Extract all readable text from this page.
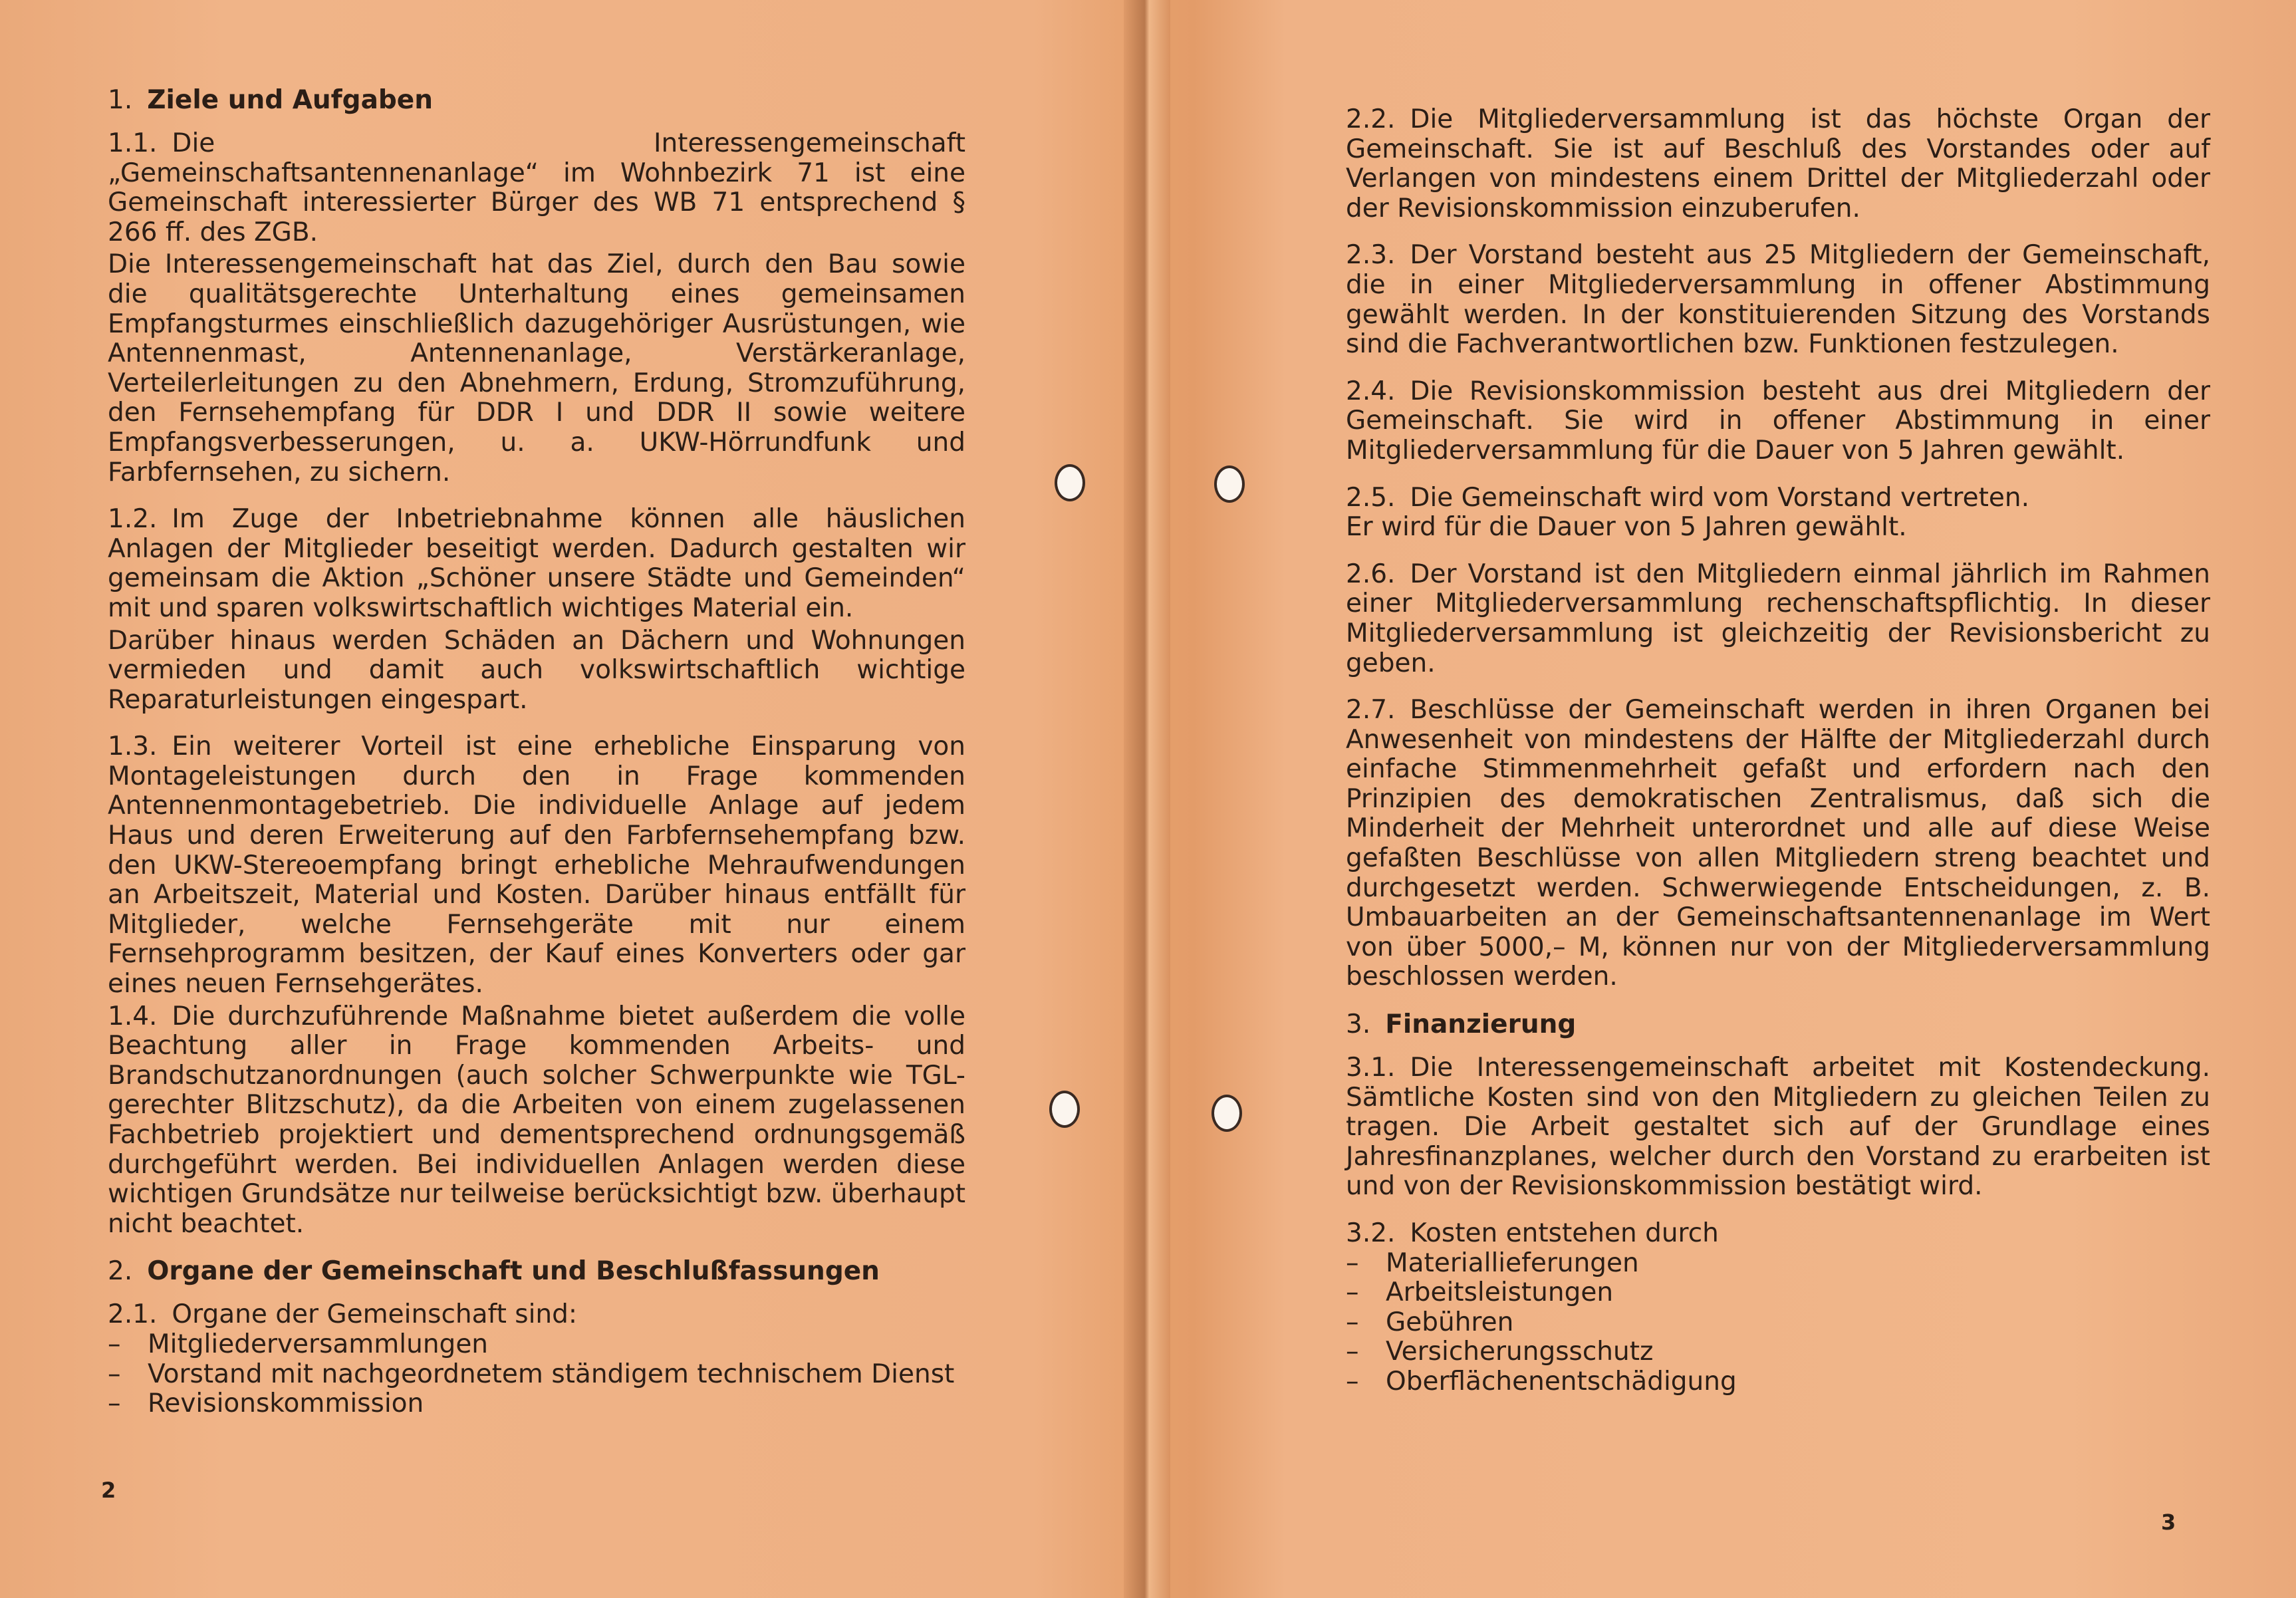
1. Ziele und Aufgaben

1.1. Die Interessengemeinschaft „Gemeinschaftsantennenanlage“ im Wohnbezirk 71 ist eine Gemeinschaft interessierter Bürger des WB 71 entsprechend § 266 ff. des ZGB.

Die Interessengemeinschaft hat das Ziel, durch den Bau sowie die qualitätsgerechte Unterhaltung eines gemeinsamen Empfangsturmes einschließlich dazugehöriger Ausrüstungen, wie Antennenmast, Antennenanlage, Verstärkeranlage, Verteilerleitungen zu den Abnehmern, Erdung, Stromzuführung, den Fernsehempfang für DDR I und DDR II sowie weitere Empfangsverbesserungen, u. a. UKW-Hörrundfunk und Farbfernsehen, zu sichern.

1.2. Im Zuge der Inbetriebnahme können alle häuslichen Anlagen der Mitglieder beseitigt werden. Dadurch gestalten wir gemeinsam die Aktion „Schöner unsere Städte und Gemeinden“ mit und sparen volkswirtschaftlich wichtiges Material ein.

Darüber hinaus werden Schäden an Dächern und Wohnungen vermieden und damit auch volkswirtschaftlich wichtige Reparaturleistungen eingespart.

1.3. Ein weiterer Vorteil ist eine erhebliche Einsparung von Montageleistungen durch den in Frage kommenden Antennenmontagebetrieb. Die individuelle Anlage auf jedem Haus und deren Erweiterung auf den Farbfernsehempfang bzw. den UKW-Stereoempfang bringt erhebliche Mehraufwendungen an Arbeitszeit, Material und Kosten. Darüber hinaus entfällt für Mitglieder, welche Fernsehgeräte mit nur einem Fernsehprogramm besitzen, der Kauf eines Konverters oder gar eines neuen Fernsehgerätes.

1.4. Die durchzuführende Maßnahme bietet außerdem die volle Beachtung aller in Frage kommenden Arbeits- und Brandschutzanordnungen (auch solcher Schwerpunkte wie TGL-gerechter Blitzschutz), da die Arbeiten von einem zugelassenen Fachbetrieb projektiert und dementsprechend ordnungsgemäß durchgeführt werden. Bei individuellen Anlagen werden diese wichtigen Grundsätze nur teilweise berücksichtigt bzw. überhaupt nicht beachtet.

2. Organe der Gemeinschaft und Beschlußfassungen

2.1. Organe der Gemeinschaft sind:

– Mitgliederversammlungen
– Vorstand mit nachgeordnetem ständigem technischem Dienst
– Revisionskommission
2

2.2. Die Mitgliederversammlung ist das höchste Organ der Gemeinschaft. Sie ist auf Beschluß des Vorstandes oder auf Verlangen von mindestens einem Drittel der Mitgliederzahl oder der Revisionskommission einzuberufen.

2.3. Der Vorstand besteht aus 25 Mitgliedern der Gemeinschaft, die in einer Mitgliederversammlung in offener Abstimmung gewählt werden. In der konstituierenden Sitzung des Vorstands sind die Fachverantwortlichen bzw. Funktionen festzulegen.

2.4. Die Revisionskommission besteht aus drei Mitgliedern der Gemeinschaft. Sie wird in offener Abstimmung in einer Mitgliederversammlung für die Dauer von 5 Jahren gewählt.

2.5. Die Gemeinschaft wird vom Vorstand vertreten.

Er wird für die Dauer von 5 Jahren gewählt.

2.6. Der Vorstand ist den Mitgliedern einmal jährlich im Rahmen einer Mitgliederversammlung rechenschaftspflichtig. In dieser Mitgliederversammlung ist gleichzeitig der Revisionsbericht zu geben.

2.7. Beschlüsse der Gemeinschaft werden in ihren Organen bei Anwesenheit von mindestens der Hälfte der Mitgliederzahl durch einfache Stimmenmehrheit gefaßt und erfordern nach den Prinzipien des demokratischen Zentralismus, daß sich die Minderheit der Mehrheit unterordnet und alle auf diese Weise gefaßten Beschlüsse von allen Mitgliedern streng beachtet und durchgesetzt werden. Schwerwiegende Entscheidungen, z. B. Umbauarbeiten an der Gemeinschaftsantennenanlage im Wert von über 5000,– M, können nur von der Mitgliederversammlung beschlossen werden.

3. Finanzierung

3.1. Die Interessengemeinschaft arbeitet mit Kostendeckung. Sämtliche Kosten sind von den Mitgliedern zu gleichen Teilen zu tragen. Die Arbeit gestaltet sich auf der Grundlage eines Jahresfinanzplanes, welcher durch den Vorstand zu erarbeiten ist und von der Revisionskommission bestätigt wird.

3.2. Kosten entstehen durch

– Materiallieferungen
– Arbeitsleistungen
– Gebühren
– Versicherungsschutz
– Oberflächenentschädigung
3
